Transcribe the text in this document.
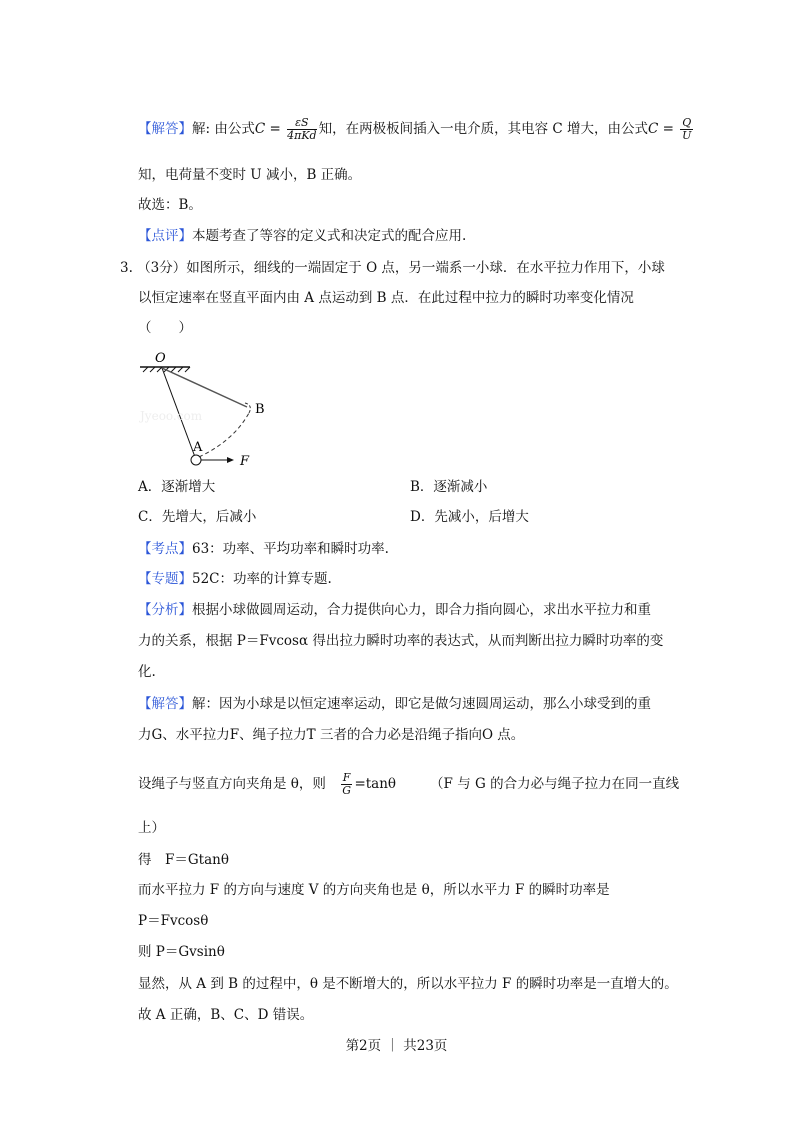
【解答】解: 由公式$C = \frac{\varepsilon S}{\text{4πKd}}$ 知，在两极板间插入一电介质，其电容 C 增大，由公式$C = \frac{Q}{U}$
知，电荷量不变时 U 减小，B 正确。
故选：B。
【点评】本题考查了等容的定义式和决定式的配合应用.
3. （3分）如图所示，细线的一端固定于 O 点，另一端系一小球．在水平拉力作用下，小球
以恒定速率在竖直平面内由 A 点运动到 B 点．在此过程中拉力的瞬时功率变化情况
（　　）
O
B
A
F
Jyeoo.com
A．逐渐增大	B．逐渐减小
C．先增大，后减小	D．先减小，后增大
【考点】63：功率、平均功率和瞬时功率.
【专题】52C：功率的计算专题.
【分析】根据小球做圆周运动，合力提供向心力，即合力指向圆心，求出水平拉力和重
力的关系，根据 P＝Fvcosα 得出拉力瞬时功率的表达式，从而判断出拉力瞬时功率的变
化.
【解答】解：因为小球是以恒定速率运动，即它是做匀速圆周运动，那么小球受到的重
力G、水平拉力F、绳子拉力T 三者的合力必是沿绳子指向O 点。
设绳子与竖直方向夹角是 θ，则 $\frac{F}{G} =\tan\theta$	（F 与 G 的合力必与绳子拉力在同一直线
上）
得　F＝Gtanθ
而水平拉力 F 的方向与速度 V 的方向夹角也是 θ，所以水平力 F 的瞬时功率是
P＝Fvcosθ
则 P＝Gvsinθ
显然，从 A 到 B 的过程中，θ 是不断增大的，所以水平拉力 F 的瞬时功率是一直增大的。
故 A 正确，B、C、D 错误。
第2页 ｜ 共23页
